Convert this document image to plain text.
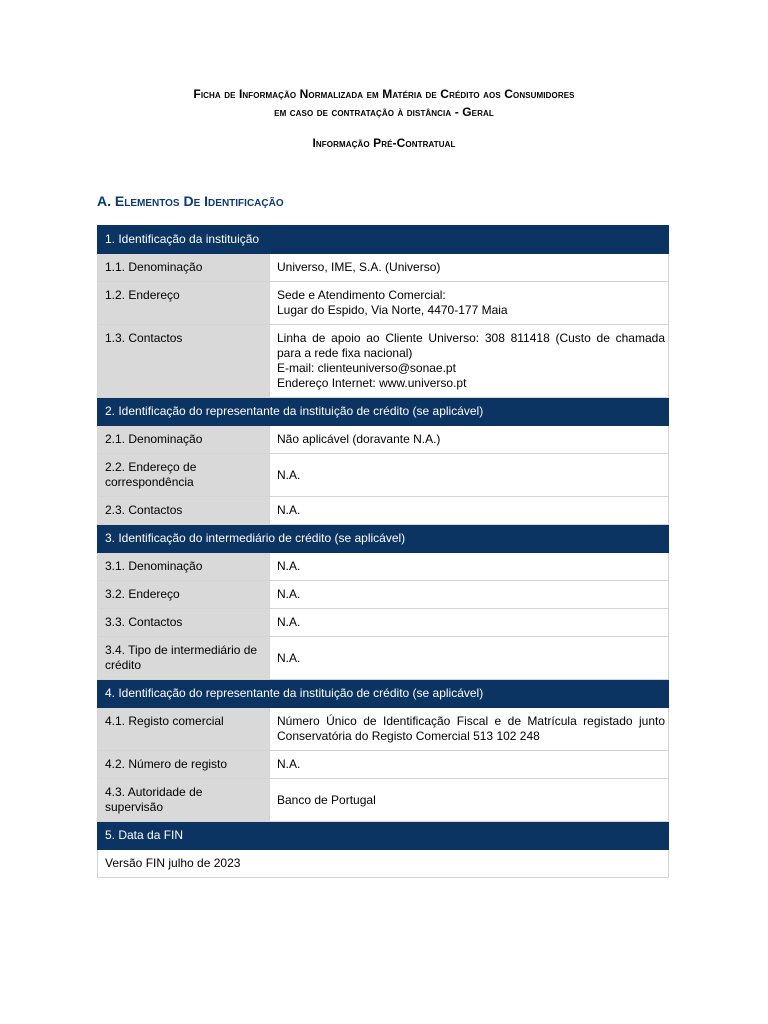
Ficha de Informação Normalizada em Matéria de Crédito aos Consumidores
em caso de contratação à distância - Geral
Informação Pré-Contratual
A. Elementos De Identificação
1. Identificação da instituição	
1.1. Denominação	Universo, IME, S.A. (Universo)
1.2. Endereço	Sede e Atendimento Comercial:
Lugar do Espido, Via Norte, 4470-177 Maia

1.3. Contactos	Linha de apoio ao Cliente Universo: 308 811418 (Custo de chamada para a rede fixa nacional)
E-mail: clienteuniverso@sonae.pt
Endereço Internet: www.universo.pt

2. Identificação do representante da instituição de crédito (se aplicável)	
2.1. Denominação	Não aplicável (doravante N.A.)
2.2. Endereço de correspondência	N.A.
2.3. Contactos	N.A.
3. Identificação do intermediário de crédito (se aplicável)	
3.1. Denominação	N.A.
3.2. Endereço	N.A.
3.3. Contactos	N.A.
3.4. Tipo de intermediário de crédito	N.A.
4. Identificação do representante da instituição de crédito (se aplicável)	
4.1. Registo comercial	Número Único de Identificação Fiscal e de Matrícula registado junto Conservatória do Registo Comercial 513 102 248
4.2. Número de registo	N.A.
4.3. Autoridade de supervisão	Banco de Portugal
5. Data da FIN	
Versão FIN julho de 2023	
